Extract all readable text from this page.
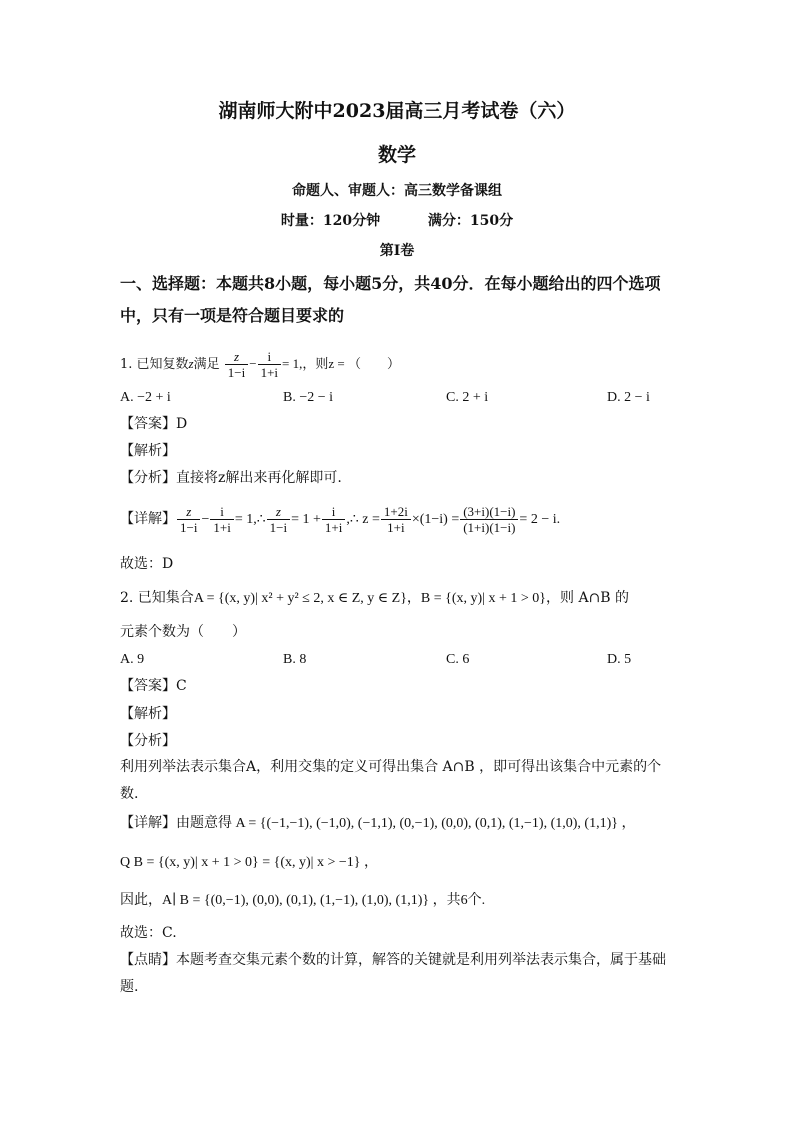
湖南师大附中2023届高三月考试卷（六）
数学
命题人、审题人：高三数学备课组
时量：120分钟	满分：150分
第I卷
一、选择题：本题共8小题，每小题5分，共40分．在每小题给出的四个选项
中，只有一项是符合题目要求的
1. 已知复数z满足 $\frac{z}{1-i} - \frac{i}{1+i} = 1$,，则z = （　　）
A. −2 + i	B. −2 − i	C. 2 + i	D. 2 − i
【答案】D
【解析】
【分析】直接将z解出来再化解即可.
【详解】 $\frac{z}{1-i} - \frac{i}{1+i}$ = 1,∴ $\frac{z}{1-i} = 1 + \frac{i}{1+i}$ ,∴ $z = \frac{1+2i}{1+i} \times(1-i) = \frac{(3+i)(1-i)}{(1+i)(1-i)} = 2 - i$.
故选：D
2. 已知集合A = {(x, y)| x² + y² ≤ 2, x ∈ Z, y ∈ Z}，B = {(x, y)| x + 1 > 0}，则 A∩B 的
元素个数为（　　）
A. 9	B. 8	C. 6	D. 5
【答案】C
【解析】
【分析】
利用列举法表示集合A，利用交集的定义可得出集合 A∩B ，即可得出该集合中元素的个
数.
【详解】由题意得 A = {(−1,−1), (−1,0), (−1,1), (0,−1), (0,0), (0,1), (1,−1), (1,0), (1,1)} ，
Q B = {(x, y)| x + 1 > 0} = {(x, y)| x > −1} ，
因此，A∣ B = {(0,−1), (0,0), (0,1), (1,−1), (1,0), (1,1)} ，共6个.
故选：C.
【点睛】本题考查交集元素个数的计算，解答的关键就是利用列举法表示集合，属于基础
题.
